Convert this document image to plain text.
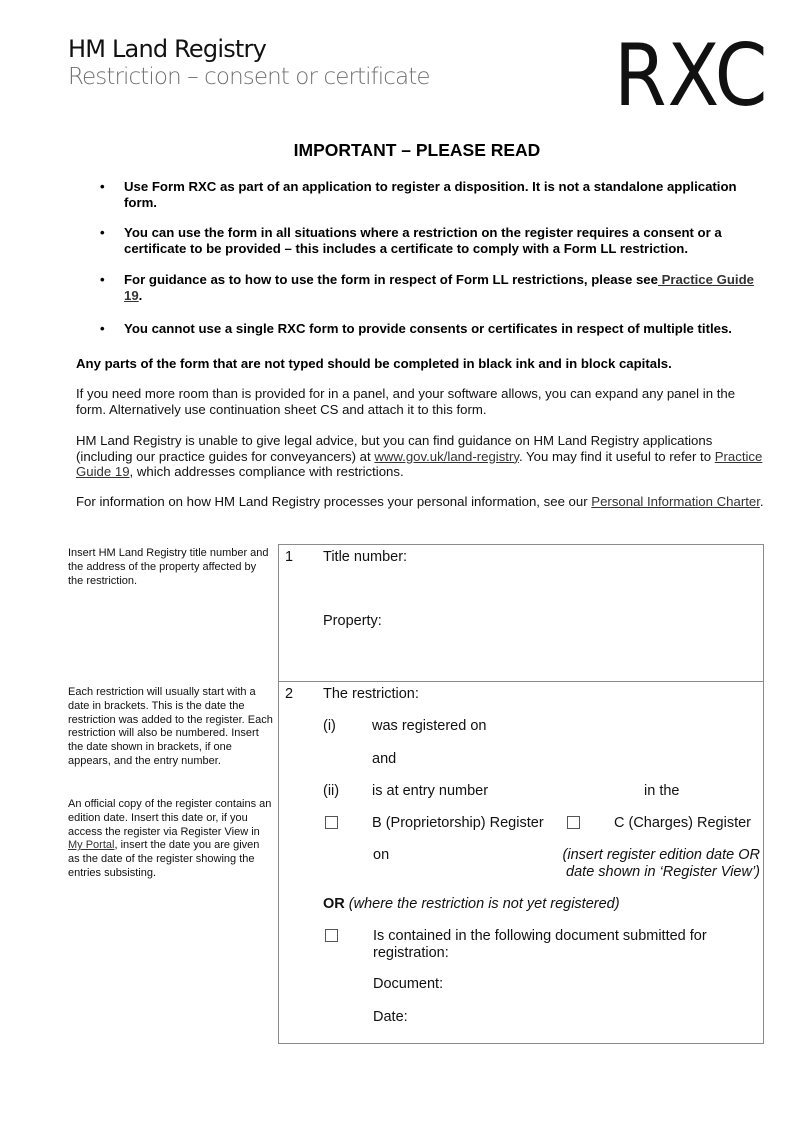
HM Land Registry
Restriction – consent or certificate RXC
IMPORTANT – PLEASE READ
• Use Form RXC as part of an application to register a disposition. It is not a standalone application form.
• You can use the form in all situations where a restriction on the register requires a consent or a certificate to be provided – this includes a certificate to comply with a Form LL restriction.
• For guidance as to how to use the form in respect of Form LL restrictions, please see Practice Guide 19.
• You cannot use a single RXC form to provide consents or certificates in respect of multiple titles.
Any parts of the form that are not typed should be completed in black ink and in block capitals.
If you need more room than is provided for in a panel, and your software allows, you can expand any panel in the form. Alternatively use continuation sheet CS and attach it to this form.
HM Land Registry is unable to give legal advice, but you can find guidance on HM Land Registry applications (including our practice guides for conveyancers) at www.gov.uk/land-registry. You may find it useful to refer to Practice Guide 19, which addresses compliance with restrictions.
For information on how HM Land Registry processes your personal information, see our Personal Information Charter.
Insert HM Land Registry title number and the address of the property affected by the restriction.
Each restriction will usually start with a date in brackets. This is the date the restriction was added to the register. Each restriction will also be numbered. Insert the date shown in brackets, if one appears, and the entry number.
An official copy of the register contains an edition date. Insert this date or, if you access the register via Register View in My Portal, insert the date you are given as the date of the register showing the entries subsisting.
1 Title number:
Property:
2 The restriction:
(i) was registered on
and
(ii) is at entry number	in the
B (Proprietorship) Register	C (Charges) Register
on	(insert register edition date OR date shown in ‘Register View’)
OR (where the restriction is not yet registered)
Is contained in the following document submitted for registration:
Document:
Date:
